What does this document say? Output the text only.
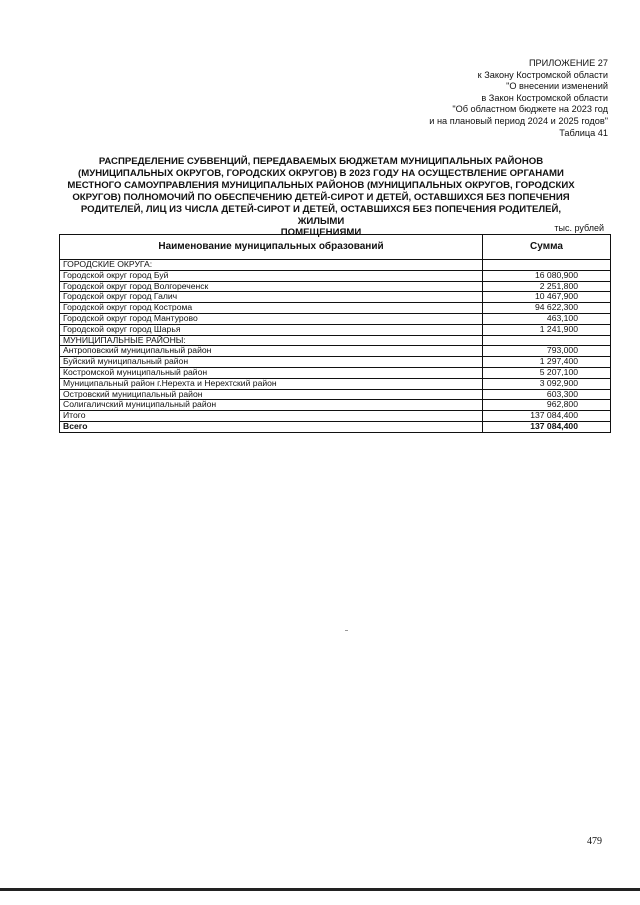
ПРИЛОЖЕНИЕ 27
к Закону Костромской области
"О внесении изменений
в Закон Костромской области
"Об областном бюджете на 2023 год
и на плановый период 2024 и 2025 годов"
Таблица 41
РАСПРЕДЕЛЕНИЕ СУБВЕНЦИЙ, ПЕРЕДАВАЕМЫХ БЮДЖЕТАМ МУНИЦИПАЛЬНЫХ РАЙОНОВ
(МУНИЦИПАЛЬНЫХ ОКРУГОВ, ГОРОДСКИХ ОКРУГОВ) В 2023 ГОДУ НА ОСУЩЕСТВЛЕНИЕ ОРГАНАМИ
МЕСТНОГО САМОУПРАВЛЕНИЯ МУНИЦИПАЛЬНЫХ РАЙОНОВ (МУНИЦИПАЛЬНЫХ ОКРУГОВ, ГОРОДСКИХ
ОКРУГОВ) ПОЛНОМОЧИЙ ПО ОБЕСПЕЧЕНИЮ ДЕТЕЙ-СИРОТ И ДЕТЕЙ, ОСТАВШИХСЯ БЕЗ ПОПЕЧЕНИЯ
РОДИТЕЛЕЙ, ЛИЦ ИЗ ЧИСЛА ДЕТЕЙ-СИРОТ И ДЕТЕЙ, ОСТАВШИХСЯ БЕЗ ПОПЕЧЕНИЯ РОДИТЕЛЕЙ, ЖИЛЫМИ
ПОМЕЩЕНИЯМИ	тыс. рублей
Наименование муниципальных образований	Сумма
ГОРОДСКИЕ ОКРУГА:	
Городской округ город Буй	16 080,900
Городской округ город Волгореченск	2 251,800
Городской округ город Галич	10 467,900
Городской округ город Кострома	94 622,300
Городской округ город Мантурово	463,100
Городской округ город Шарья	1 241,900
МУНИЦИПАЛЬНЫЕ РАЙОНЫ:	
Антроповский муниципальный район	793,000
Буйский муниципальный район	1 297,400
Костромской муниципальный район	5 207,100
Муниципальный район г.Нерехта и Нерехтский район	3 092,900
Островский муниципальный район	603,300
Солигаличский муниципальный район	962,800
Итого	137 084,400
Всего	137 084,400
479
